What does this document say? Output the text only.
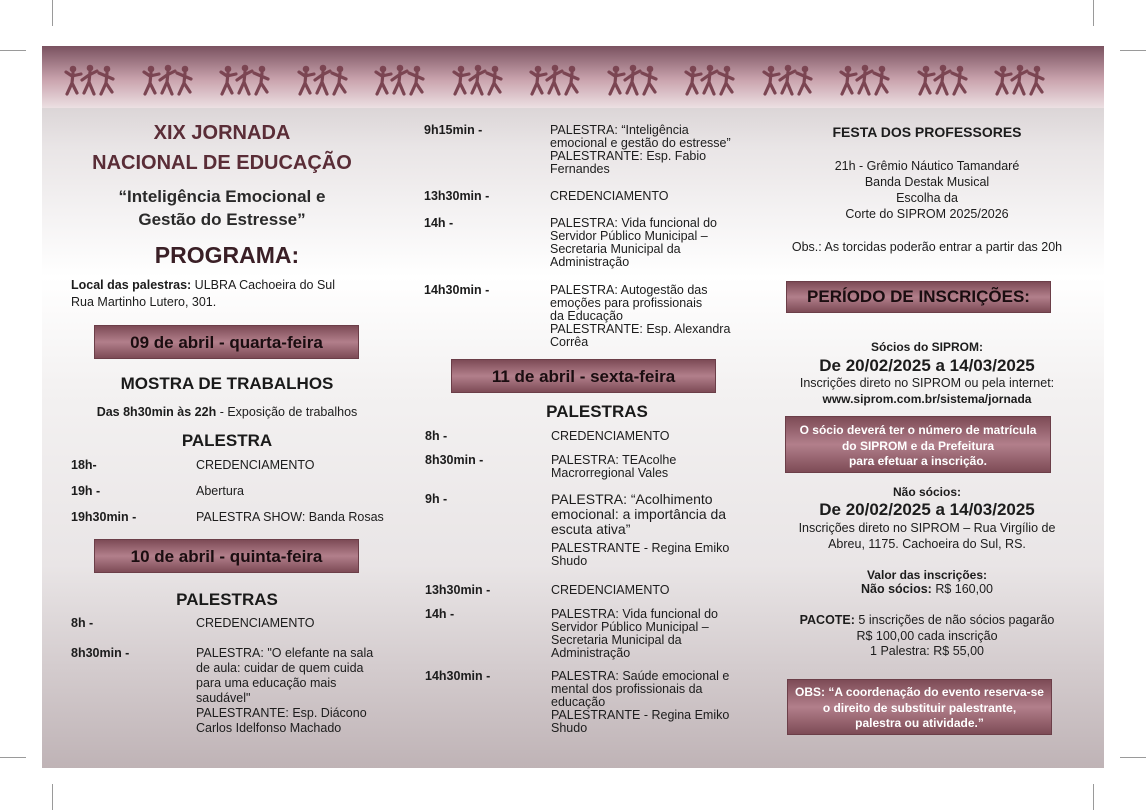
XIX JORNADA
NACIONAL DE EDUCAÇÃO
“Inteligência Emocional e
Gestão do Estresse”
PROGRAMA:
Local das palestras: ULBRA Cachoeira do Sul
Rua Martinho Lutero, 301.
09 de abril - quarta-feira
MOSTRA DE TRABALHOS
Das 8h30min às 22h - Exposição de trabalhos
PALESTRA
18h-	CREDENCIAMENTO
19h -	Abertura
19h30min -	PALESTRA SHOW: Banda Rosas
10 de abril - quinta-feira
PALESTRAS
8h -	CREDENCIAMENTO
8h30min -	PALESTRA: "O elefante na sala
de aula: cuidar de quem cuida
para uma educação mais
saudável"
PALESTRANTE: Esp. Diácono
Carlos Idelfonso Machado
9h15min -	PALESTRA: “Inteligência
emocional e gestão do estresse”
PALESTRANTE: Esp. Fabio
Fernandes
13h30min -	CREDENCIAMENTO
14h -	PALESTRA: Vida funcional do
Servidor Público Municipal –
Secretaria Municipal da
Administração
14h30min -	PALESTRA: Autogestão das
emoções para profissionais
da Educação
PALESTRANTE: Esp. Alexandra
Corrêa
11 de abril - sexta-feira
PALESTRAS
8h -	CREDENCIAMENTO
8h30min -	PALESTRA: TEAcolhe
Macrorregional Vales
9h -	PALESTRA: “Acolhimento
emocional: a importância da
escuta ativa”
PALESTRANTE - Regina Emiko
Shudo
13h30min -	CREDENCIAMENTO
14h -	PALESTRA: Vida funcional do
Servidor Público Municipal –
Secretaria Municipal da
Administração
14h30min -	PALESTRA: Saúde emocional e
mental dos profissionais da
educação
PALESTRANTE - Regina Emiko
Shudo
FESTA DOS PROFESSORES
21h - Grêmio Náutico Tamandaré
Banda Destak Musical
Escolha da
Corte do SIPROM 2025/2026
Obs.: As torcidas poderão entrar a partir das 20h
PERÍODO DE INSCRIÇÕES:
Sócios do SIPROM:
De 20/02/2025 a 14/03/2025
Inscrições direto no SIPROM ou pela internet:
www.siprom.com.br/sistema/jornada
O sócio deverá ter o número de matrícula
do SIPROM e da Prefeitura
para efetuar a inscrição.
Não sócios:
De 20/02/2025 a 14/03/2025
Inscrições direto no SIPROM – Rua Virgílio de
Abreu, 1175. Cachoeira do Sul, RS.
Valor das inscrições:
Não sócios: R$ 160,00
PACOTE: 5 inscrições de não sócios pagarão
R$ 100,00 cada inscrição
1 Palestra: R$ 55,00
OBS: “A coordenação do evento reserva-se
o direito de substituir palestrante,
palestra ou atividade.”
